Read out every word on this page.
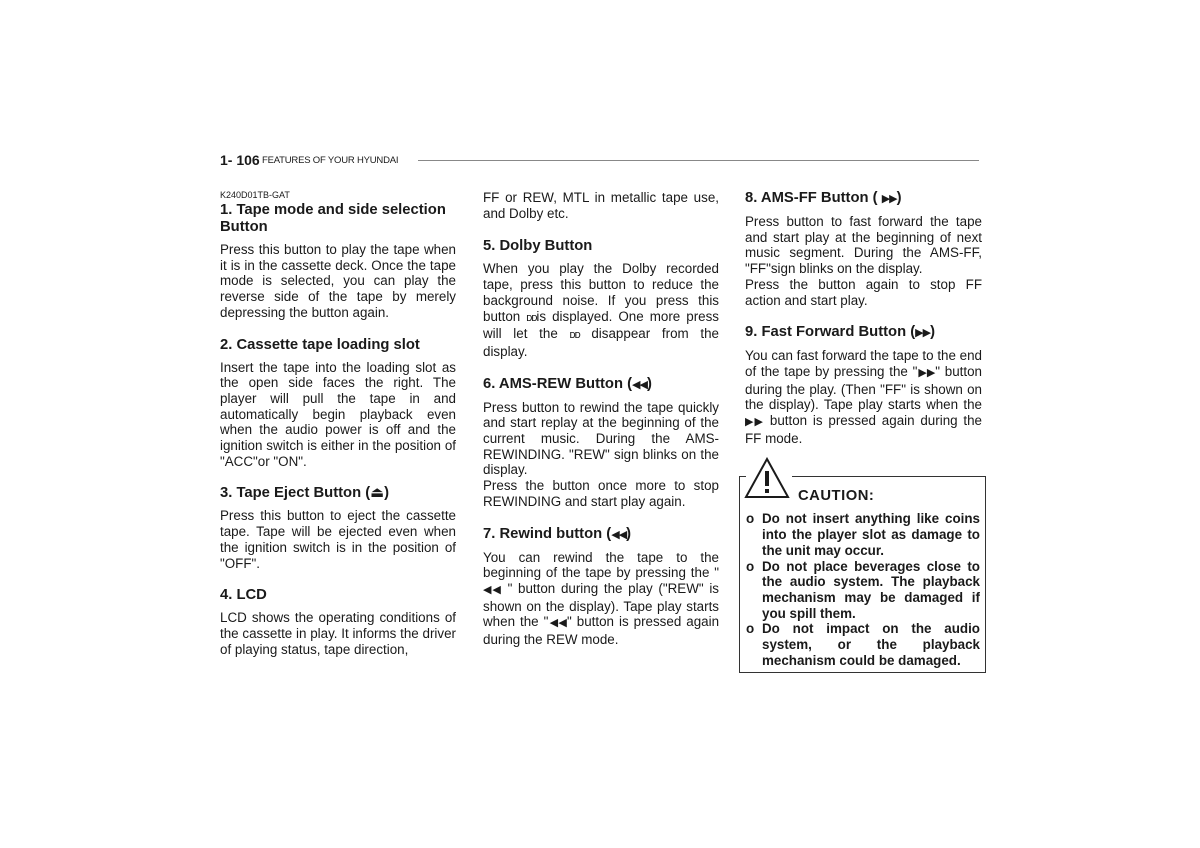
1- 106 FEATURES OF YOUR HYUNDAI
K240D01TB-GAT
1. Tape mode and side selection Button

Press this button to play the tape when it is in the cassette deck. Once the tape mode is selected, you can play the reverse side of the tape by merely depressing the button again.

2. Cassette tape loading slot

Insert the tape into the loading slot as the open side faces the right. The player will pull the tape in and automatically begin playback even when the audio power is off and the ignition switch is either in the position of "ACC"or "ON".

3. Tape Eject Button (⏏)

Press this button to eject the cassette tape. Tape will be ejected even when the ignition switch is in the position of "OFF".

4. LCD

LCD shows the operating conditions of the cassette in play. It informs the driver of playing status, tape direction,

FF or REW, MTL in metallic tape use, and Dolby etc.

5. Dolby Button

When you play the Dolby recorded tape, press this button to reduce the background noise. If you press this button ᴅᴅis displayed. One more press will let the ᴅᴅ disappear from the display.

6. AMS-REW Button (◀◀)

Press button to rewind the tape quickly and start replay at the beginning of the current music. During the AMS-REWINDING. "REW" sign blinks on the display.

Press the button once more to stop REWINDING and start play again.

7. Rewind button (◀◀)

You can rewind the tape to the beginning of the tape by pressing the " ◀◀ " button during the play ("REW" is shown on the display). Tape play starts when the "◀◀" button is pressed again during the REW mode.

8. AMS-FF Button ( ▶▶)

Press button to fast forward the tape and start play at the beginning of next music segment. During the AMS-FF, "FF"sign blinks on the display.

Press the button again to stop FF action and start play.

9. Fast Forward Button (▶▶)

You can fast forward the tape to the end of the tape by pressing the "▶▶" button during the play. (Then "FF" is shown on the display). Tape play starts when the ▶▶ button is pressed again during the FF mode.

CAUTION:
o Do not insert anything like coins into the player slot as damage to the unit may occur.
o Do not place beverages close to the audio system. The playback mechanism may be damaged if you spill them.
o Do not impact on the audio system, or the playback mechanism could be damaged.
